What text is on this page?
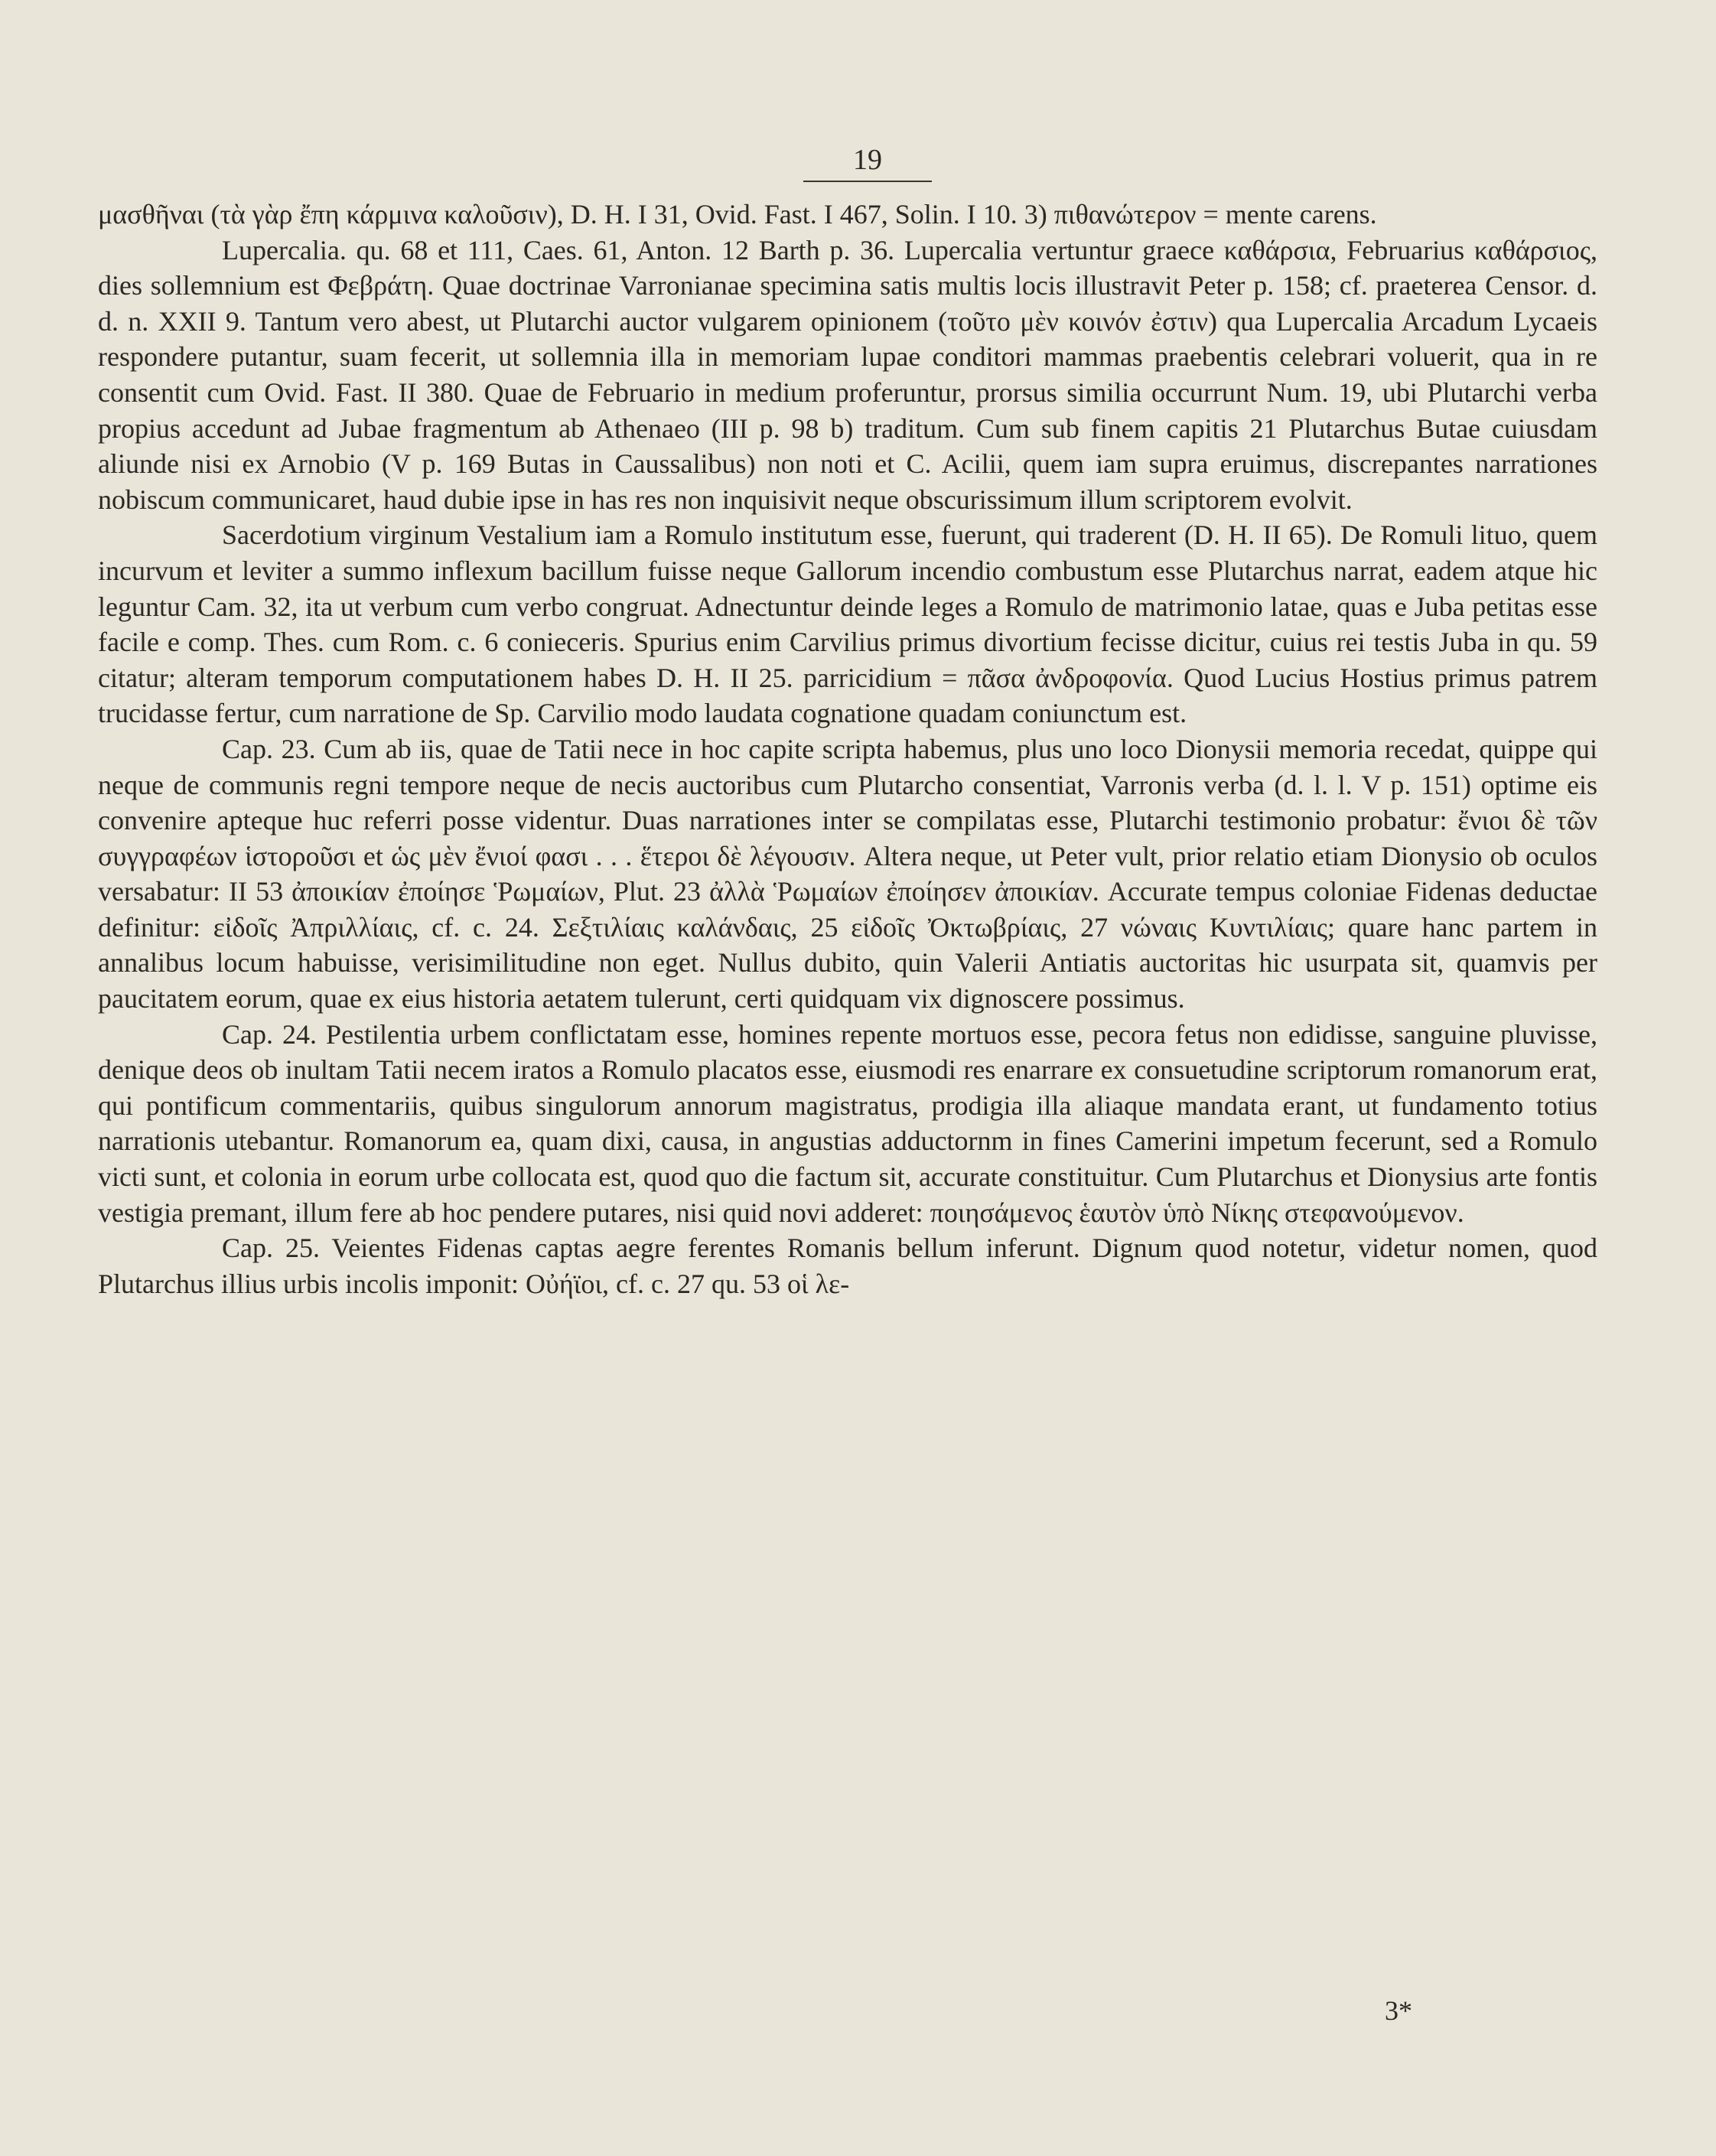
19

μασθῆναι (τὰ γὰρ ἔπη κάρμινα καλοῦσιν), D. H. I 31, Ovid. Fast. I 467, Solin. I 10. 3) πιθανώτερον = mente carens.

Lupercalia. qu. 68 et 111, Caes. 61, Anton. 12 Barth p. 36. Lupercalia vertuntur graece καθάρσια, Februarius καθάρσιος, dies sollemnium est Φεβράτη. Quae doctrinae Varronianae specimina satis multis locis illustravit Peter p. 158; cf. praeterea Censor. d. d. n. XXII 9. Tantum vero abest, ut Plutarchi auctor vulgarem opinionem (τοῦτο μὲν κοινόν ἐστιν) qua Lupercalia Arcadum Lycaeis respondere putantur, suam fecerit, ut sollemnia illa in memoriam lupae conditori mammas praebentis celebrari voluerit, qua in re consentit cum Ovid. Fast. II 380. Quae de Februario in medium proferuntur, prorsus similia occurrunt Num. 19, ubi Plutarchi verba propius accedunt ad Jubae fragmentum ab Athenaeo (III p. 98 b) traditum. Cum sub finem capitis 21 Plutarchus Butae cuiusdam aliunde nisi ex Arnobio (V p. 169 Butas in Caussalibus) non noti et C. Acilii, quem iam supra eruimus, discrepantes narrationes nobiscum communicaret, haud dubie ipse in has res non inquisivit neque obscurissimum illum scriptorem evolvit.

Sacerdotium virginum Vestalium iam a Romulo institutum esse, fuerunt, qui traderent (D. H. II 65). De Romuli lituo, quem incurvum et leviter a summo inflexum bacillum fuisse neque Gallorum incendio combustum esse Plutarchus narrat, eadem atque hic leguntur Cam. 32, ita ut verbum cum verbo congruat. Adnectuntur deinde leges a Romulo de matrimonio latae, quas e Juba petitas esse facile e comp. Thes. cum Rom. c. 6 conieceris. Spurius enim Carvilius primus divortium fecisse dicitur, cuius rei testis Juba in qu. 59 citatur; alteram temporum computationem habes D. H. II 25. parricidium = πᾶσα ἀνδροφονία. Quod Lucius Hostius primus patrem trucidasse fertur, cum narratione de Sp. Carvilio modo laudata cognatione quadam coniunctum est.

Cap. 23. Cum ab iis, quae de Tatii nece in hoc capite scripta habemus, plus uno loco Dionysii memoria recedat, quippe qui neque de communis regni tempore neque de necis auctoribus cum Plutarcho consentiat, Varronis verba (d. l. l. V p. 151) optime eis convenire apteque huc referri posse videntur. Duas narrationes inter se compilatas esse, Plutarchi testimonio probatur: ἔνιοι δὲ τῶν συγγραφέων ἱστοροῦσι et ὡς μὲν ἔνιοί φασι . . . ἕτεροι δὲ λέγουσιν. Altera neque, ut Peter vult, prior relatio etiam Dionysio ob oculos versabatur: II 53 ἀποικίαν ἐποίησε Ῥωμαίων, Plut. 23 ἀλλὰ Ῥωμαίων ἐποίησεν ἀποικίαν. Accurate tempus coloniae Fidenas deductae definitur: εἰδοῖς Ἀπριλλίαις, cf. c. 24. Σεξτιλίαις καλάνδαις, 25 εἰδοῖς Ὀκτωβρίαις, 27 νώναις Κυντιλίαις; quare hanc partem in annalibus locum habuisse, verisimilitudine non eget. Nullus dubito, quin Valerii Antiatis auctoritas hic usurpata sit, quamvis per paucitatem eorum, quae ex eius historia aetatem tulerunt, certi quidquam vix dignoscere possimus.

Cap. 24. Pestilentia urbem conflictatam esse, homines repente mortuos esse, pecora fetus non edidisse, sanguine pluvisse, denique deos ob inultam Tatii necem iratos a Romulo placatos esse, eiusmodi res enarrare ex consuetudine scriptorum romanorum erat, qui pontificum commentariis, quibus singulorum annorum magistratus, prodigia illa aliaque mandata erant, ut fundamento totius narrationis utebantur. Romanorum ea, quam dixi, causa, in angustias adductornm in fines Camerini impetum fecerunt, sed a Romulo victi sunt, et colonia in eorum urbe collocata est, quod quo die factum sit, accurate constituitur. Cum Plutarchus et Dionysius arte fontis vestigia premant, illum fere ab hoc pendere putares, nisi quid novi adderet: ποιησάμενος ἑαυτὸν ὑπὸ Νίκης στεφανούμενον.

Cap. 25. Veientes Fidenas captas aegre ferentes Romanis bellum inferunt. Dignum quod notetur, videtur nomen, quod Plutarchus illius urbis incolis imponit: Οὐήϊοι, cf. c. 27 qu. 53 οἱ λε-

3*
